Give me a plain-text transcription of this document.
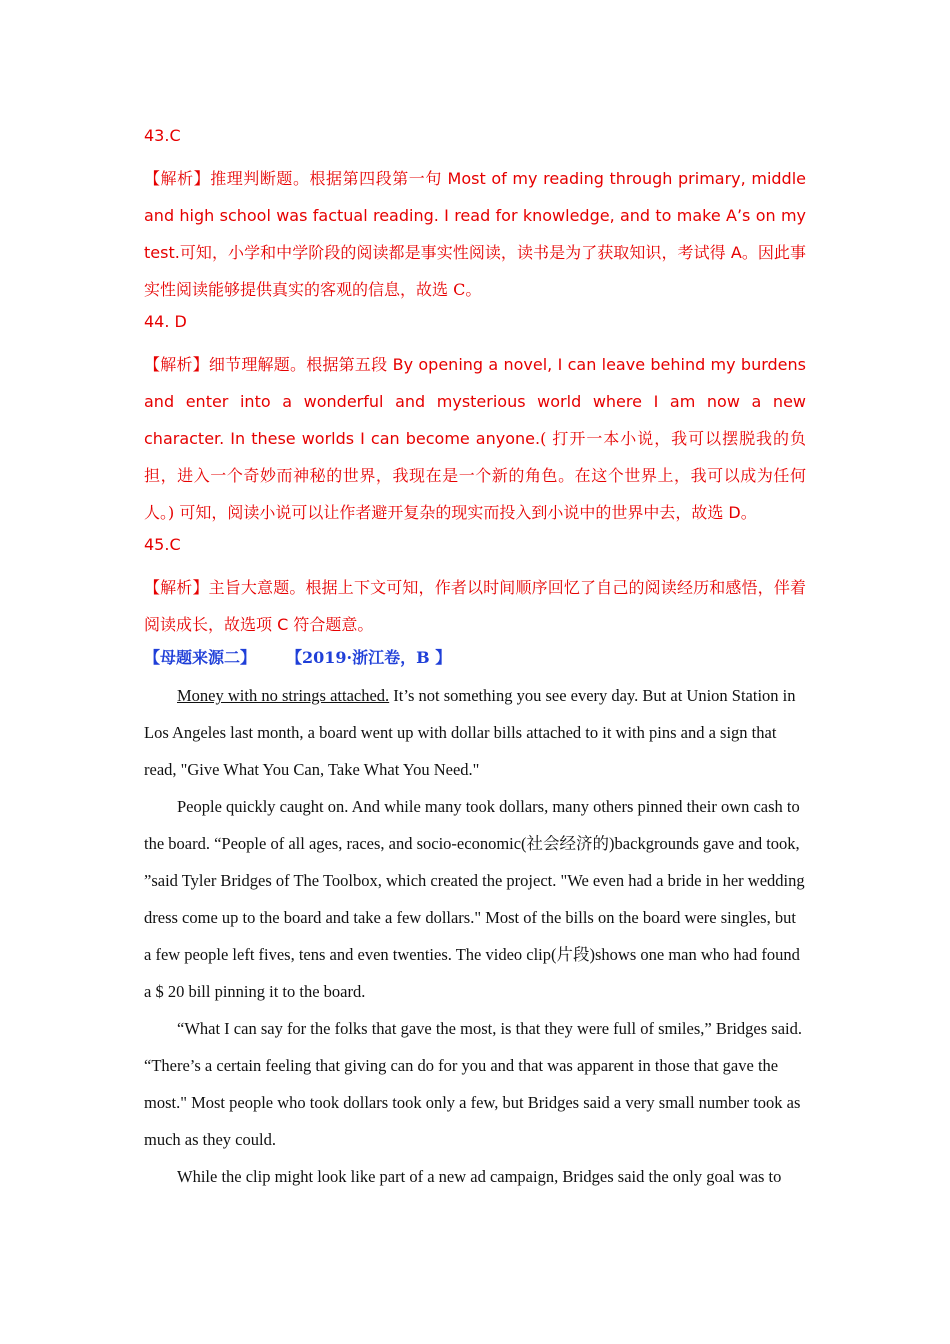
43.C

【解析】推理判断题。根据第四段第一句 Most of my reading through primary, middle and high school was factual reading. I read for knowledge, and to make A’s on my test.可知，小学和中学阶段的阅读都是事实性阅读，读书是为了获取知识，考试得 A。因此事实性阅读能够提供真实的客观的信息，故选 C。

44. D

【解析】细节理解题。根据第五段 By opening a novel, I can leave behind my burdens and enter into a wonderful and mysterious world where I am now a new character. In these worlds I can become anyone.( 打开一本小说，我可以摆脱我的负担，进入一个奇妙而神秘的世界，我现在是一个新的角色。在这个世界上，我可以成为任何人。) 可知，阅读小说可以让作者避开复杂的现实而投入到小说中的世界中去，故选 D。

45.C

【解析】主旨大意题。根据上下文可知，作者以时间顺序回忆了自己的阅读经历和感悟，伴着阅读成长，故选项 C 符合题意。

【母题来源二】 【2019·浙江卷，B 】

Money with no strings attached. It’s not something you see every day. But at Union Station in Los Angeles last month, a board went up with dollar bills attached to it with pins and a sign that read, "Give What You Can, Take What You Need."

People quickly caught on. And while many took dollars, many others pinned their own cash to the board. “People of all ages, races, and socio-economic(社会经济的)backgrounds gave and took, ”said Tyler Bridges of The Toolbox, which created the project. "We even had a bride in her wedding dress come up to the board and take a few dollars." Most of the bills on the board were singles, but a few people left fives, tens and even twenties. The video clip(片段)shows one man who had found a $ 20 bill pinning it to the board.

“What I can say for the folks that gave the most, is that they were full of smiles,” Bridges said. “There’s a certain feeling that giving can do for you and that was apparent in those that gave the most." Most people who took dollars took only a few, but Bridges said a very small number took as much as they could.

While the clip might look like part of a new ad campaign, Bridges said the only goal was to
